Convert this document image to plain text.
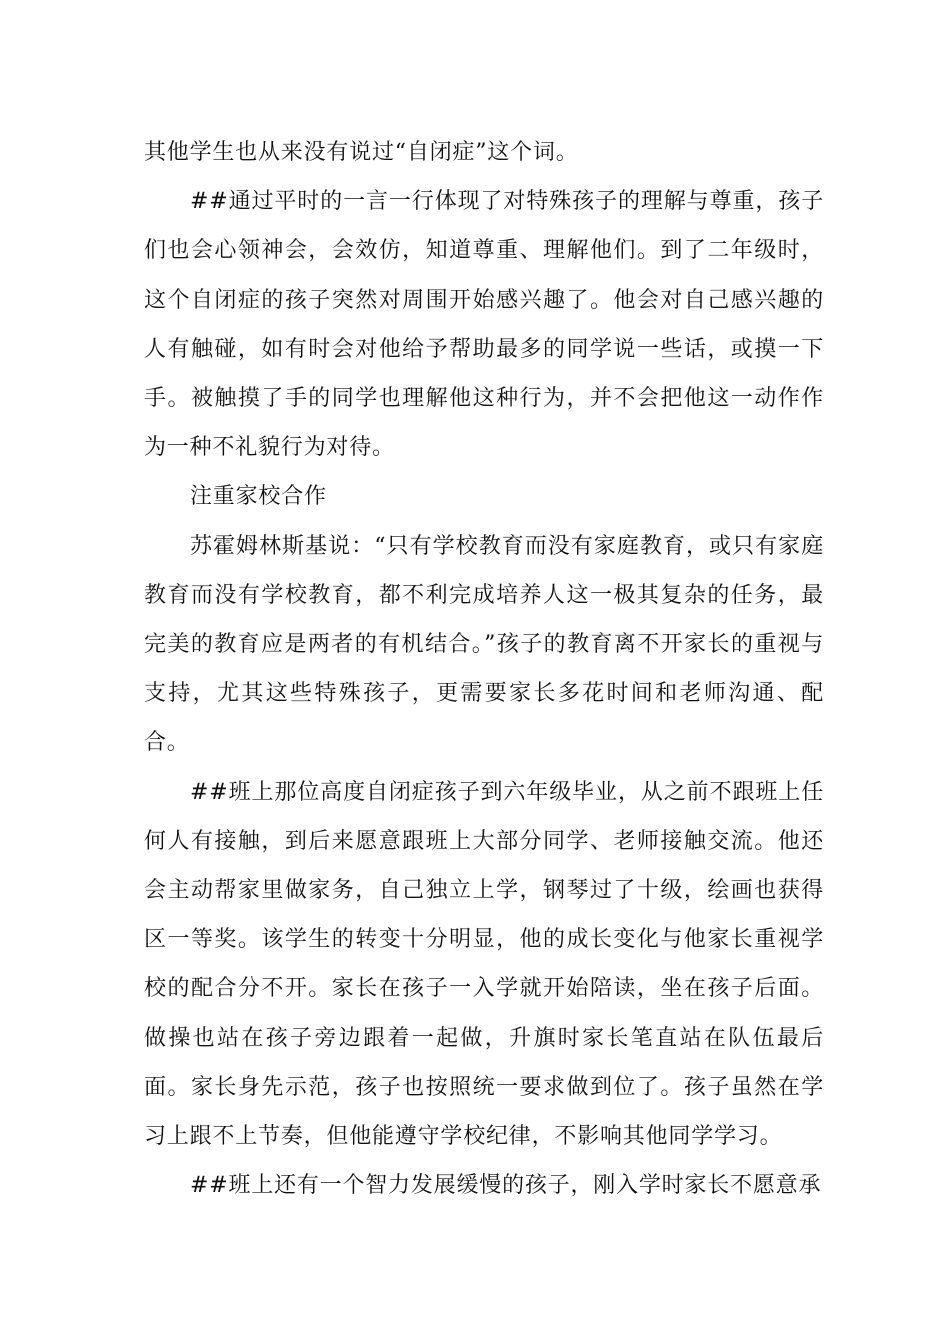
其他学生也从来没有说过“自闭症”这个词。

##通过平时的一言一行体现了对特殊孩子的理解与尊重，孩子们也会心领神会，会效仿，知道尊重、理解他们。到了二年级时，这个自闭症的孩子突然对周围开始感兴趣了。他会对自己感兴趣的人有触碰，如有时会对他给予帮助最多的同学说一些话，或摸一下手。被触摸了手的同学也理解他这种行为，并不会把他这一动作作为一种不礼貌行为对待。

注重家校合作

苏霍姆林斯基说：“只有学校教育而没有家庭教育，或只有家庭教育而没有学校教育，都不利完成培养人这一极其复杂的任务，最完美的教育应是两者的有机结合。”孩子的教育离不开家长的重视与支持，尤其这些特殊孩子，更需要家长多花时间和老师沟通、配合。

##班上那位高度自闭症孩子到六年级毕业，从之前不跟班上任何人有接触，到后来愿意跟班上大部分同学、老师接触交流。他还会主动帮家里做家务，自己独立上学，钢琴过了十级，绘画也获得区一等奖。该学生的转变十分明显，他的成长变化与他家长重视学校的配合分不开。家长在孩子一入学就开始陪读，坐在孩子后面。做操也站在孩子旁边跟着一起做，升旗时家长笔直站在队伍最后面。家长身先示范，孩子也按照统一要求做到位了。孩子虽然在学习上跟不上节奏，但他能遵守学校纪律，不影响其他同学学习。

##班上还有一个智力发展缓慢的孩子，刚入学时家长不愿意承
